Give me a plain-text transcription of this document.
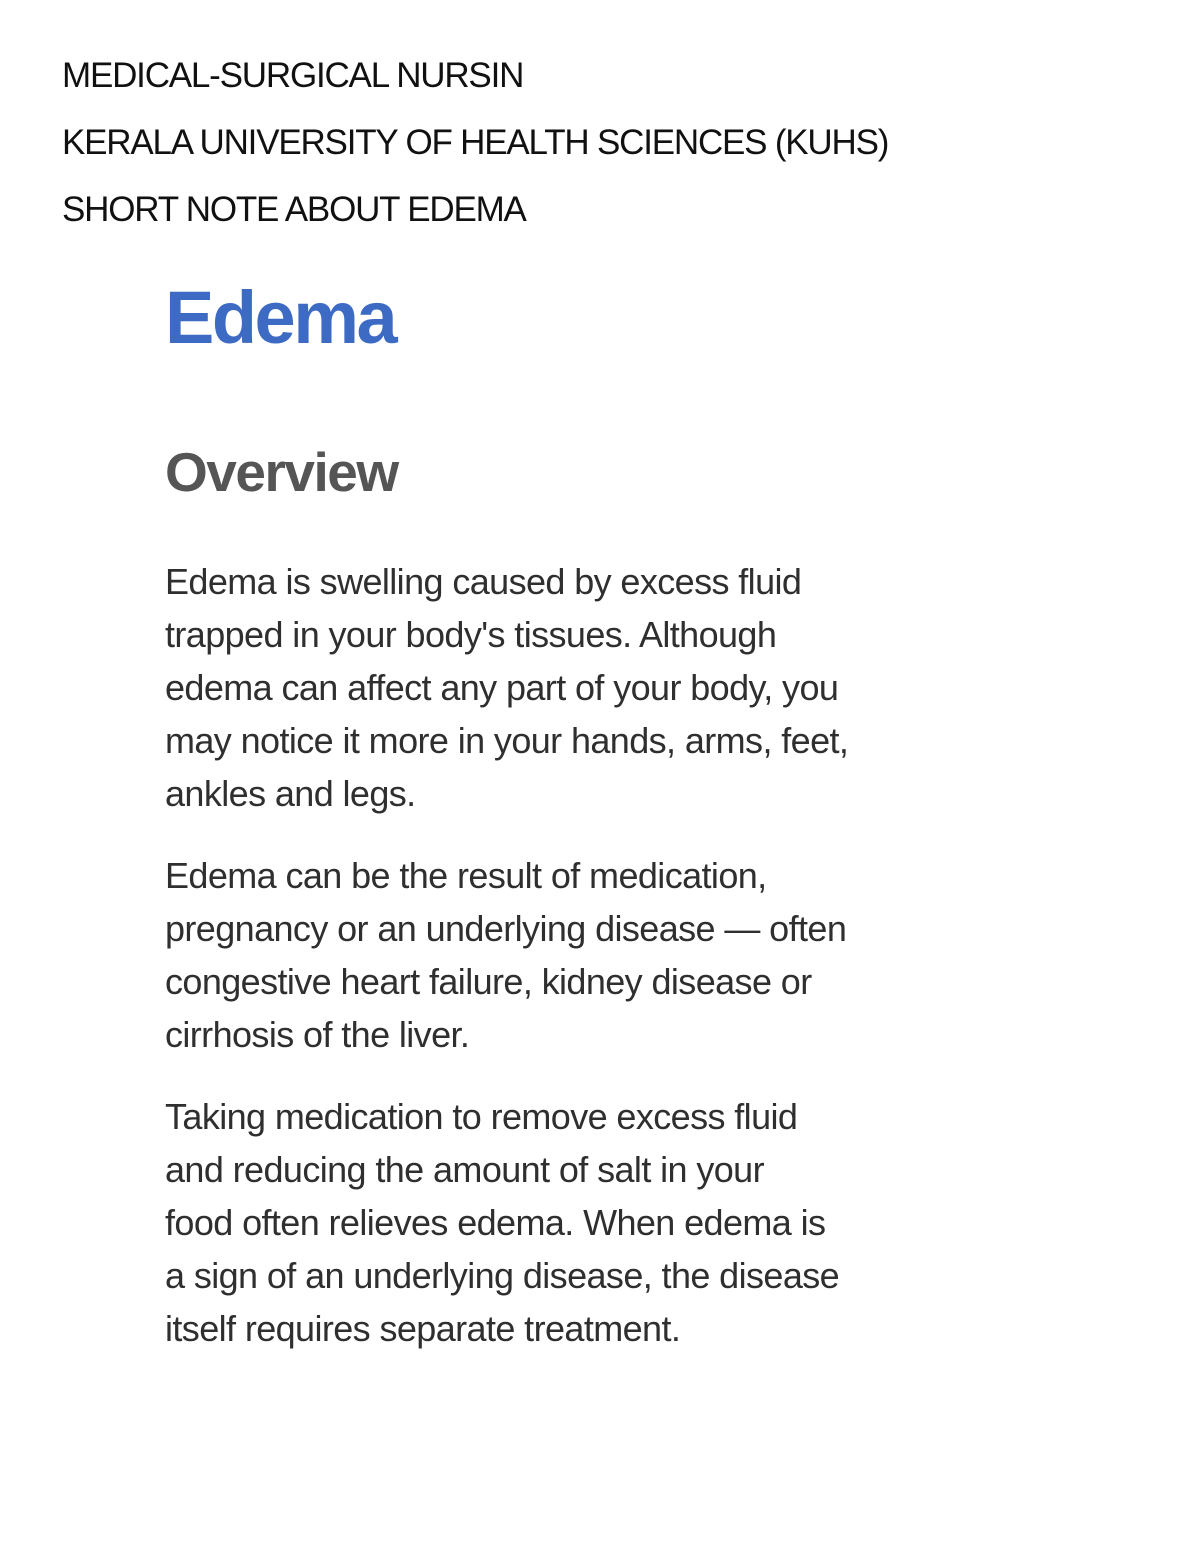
MEDICAL-SURGICAL NURSIN
KERALA UNIVERSITY OF HEALTH SCIENCES (KUHS)
SHORT NOTE ABOUT EDEMA
Edema
Overview

Edema is swelling caused by excess fluid
trapped in your body's tissues. Although
edema can affect any part of your body, you
may notice it more in your hands, arms, feet,
ankles and legs.

Edema can be the result of medication,
pregnancy or an underlying disease — often
congestive heart failure, kidney disease or
cirrhosis of the liver.

Taking medication to remove excess fluid
and reducing the amount of salt in your
food often relieves edema. When edema is
a sign of an underlying disease, the disease
itself requires separate treatment.
